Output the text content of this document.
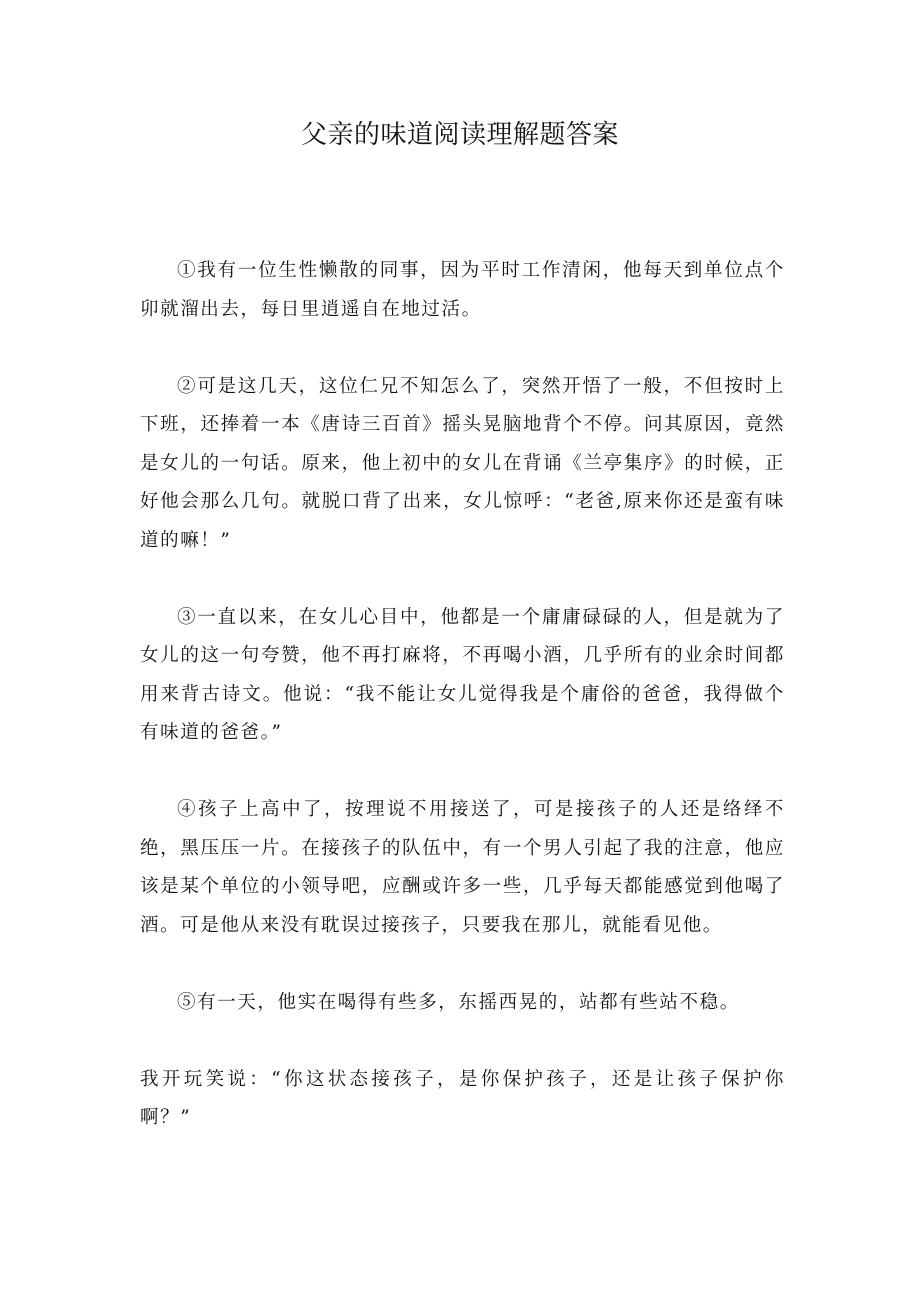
父亲的味道阅读理解题答案

①我有一位生性懒散的同事，因为平时工作清闲，他每天到单位点个卯就溜出去，每日里逍遥自在地过活。

②可是这几天，这位仁兄不知怎么了，突然开悟了一般，不但按时上下班，还捧着一本《唐诗三百首》摇头晃脑地背个不停。问其原因，竟然是女儿的一句话。原来，他上初中的女儿在背诵《兰亭集序》的时候，正好他会那么几句。就脱口背了出来，女儿惊呼：“老爸,原来你还是蛮有味道的嘛！”

③一直以来，在女儿心目中，他都是一个庸庸碌碌的人，但是就为了女儿的这一句夸赞，他不再打麻将，不再喝小酒，几乎所有的业余时间都用来背古诗文。他说：“我不能让女儿觉得我是个庸俗的爸爸，我得做个有味道的爸爸。”

④孩子上高中了，按理说不用接送了，可是接孩子的人还是络绎不绝，黑压压一片。在接孩子的队伍中，有一个男人引起了我的注意，他应该是某个单位的小领导吧，应酬或许多一些，几乎每天都能感觉到他喝了酒。可是他从来没有耽误过接孩子，只要我在那儿，就能看见他。

⑤有一天，他实在喝得有些多，东摇西晃的，站都有些站不稳。

我开玩笑说：“你这状态接孩子，是你保护孩子，还是让孩子保护你啊？”
